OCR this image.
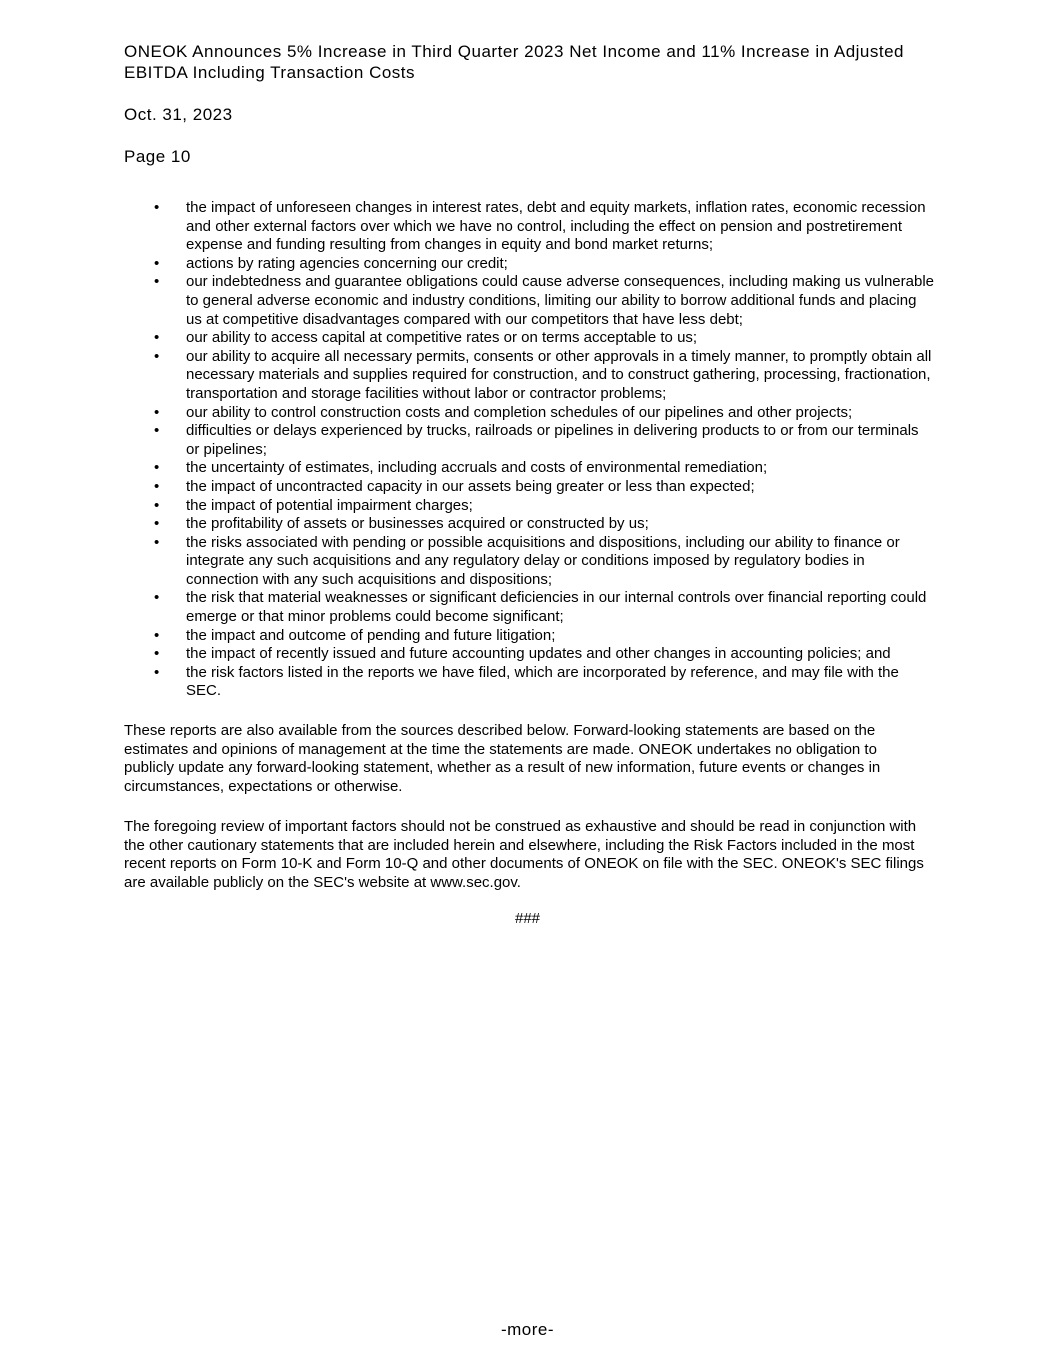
ONEOK Announces 5% Increase in Third Quarter 2023 Net Income and 11% Increase in Adjusted EBITDA Including Transaction Costs
Oct. 31, 2023
Page 10
• the impact of unforeseen changes in interest rates, debt and equity markets, inflation rates, economic recession and other external factors over which we have no control, including the effect on pension and postretirement expense and funding resulting from changes in equity and bond market returns;
• actions by rating agencies concerning our credit;
• our indebtedness and guarantee obligations could cause adverse consequences, including making us vulnerable to general adverse economic and industry conditions, limiting our ability to borrow additional funds and placing us at competitive disadvantages compared with our competitors that have less debt;
• our ability to access capital at competitive rates or on terms acceptable to us;
• our ability to acquire all necessary permits, consents or other approvals in a timely manner, to promptly obtain all necessary materials and supplies required for construction, and to construct gathering, processing, fractionation, transportation and storage facilities without labor or contractor problems;
• our ability to control construction costs and completion schedules of our pipelines and other projects;
• difficulties or delays experienced by trucks, railroads or pipelines in delivering products to or from our terminals or pipelines;
• the uncertainty of estimates, including accruals and costs of environmental remediation;
• the impact of uncontracted capacity in our assets being greater or less than expected;
• the impact of potential impairment charges;
• the profitability of assets or businesses acquired or constructed by us;
• the risks associated with pending or possible acquisitions and dispositions, including our ability to finance or integrate any such acquisitions and any regulatory delay or conditions imposed by regulatory bodies in connection with any such acquisitions and dispositions;
• the risk that material weaknesses or significant deficiencies in our internal controls over financial reporting could emerge or that minor problems could become significant;
• the impact and outcome of pending and future litigation;
• the impact of recently issued and future accounting updates and other changes in accounting policies; and
• the risk factors listed in the reports we have filed, which are incorporated by reference, and may file with the SEC.

These reports are also available from the sources described below. Forward-looking statements are based on the estimates and opinions of management at the time the statements are made. ONEOK undertakes no obligation to publicly update any forward-looking statement, whether as a result of new information, future events or changes in circumstances, expectations or otherwise.

The foregoing review of important factors should not be construed as exhaustive and should be read in conjunction with the other cautionary statements that are included herein and elsewhere, including the Risk Factors included in the most recent reports on Form 10-K and Form 10-Q and other documents of ONEOK on file with the SEC. ONEOK's SEC filings are available publicly on the SEC's website at www.sec.gov.

###
-more-
